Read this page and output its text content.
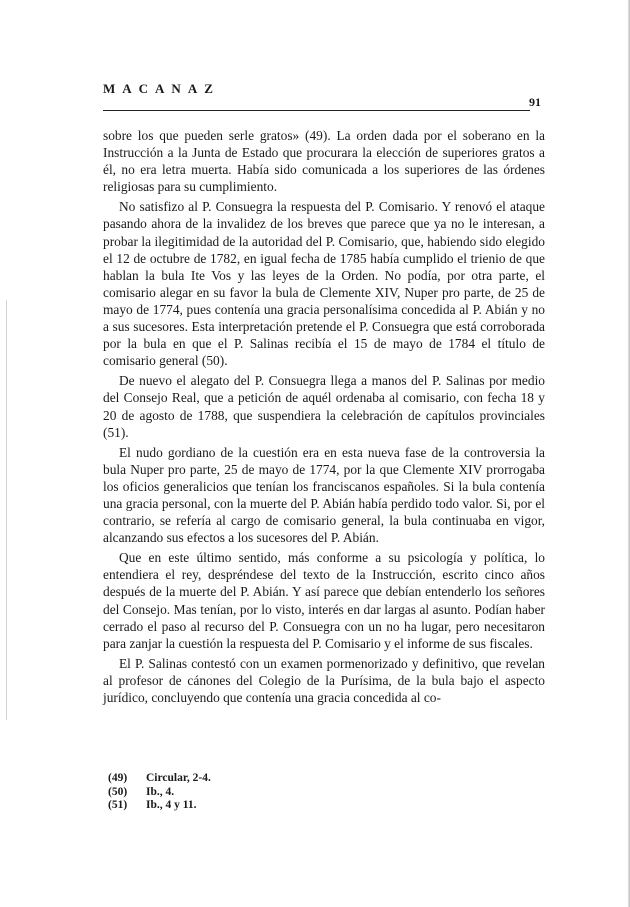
MACANAZ
91

sobre los que pueden serle gratos» (49). La orden dada por el soberano en la Instrucción a la Junta de Estado que procurara la elección de superiores gratos a él, no era letra muerta. Había sido comunicada a los superiores de las órdenes religiosas para su cumplimiento.

No satisfizo al P. Consuegra la respuesta del P. Comisario. Y renovó el ataque pasando ahora de la invalidez de los breves que parece que ya no le interesan, a probar la ilegitimidad de la autoridad del P. Comisario, que, habiendo sido elegido el 12 de octubre de 1782, en igual fecha de 1785 había cumplido el trienio de que hablan la bula Ite Vos y las leyes de la Orden. No podía, por otra parte, el comisario alegar en su favor la bula de Clemente XIV, Nuper pro parte, de 25 de mayo de 1774, pues contenía una gracia personalísima concedida al P. Abián y no a sus sucesores. Esta interpretación pretende el P. Consuegra que está corroborada por la bula en que el P. Salinas recibía el 15 de mayo de 1784 el título de comisario general (50).

De nuevo el alegato del P. Consuegra llega a manos del P. Salinas por medio del Consejo Real, que a petición de aquél ordenaba al comisario, con fecha 18 y 20 de agosto de 1788, que suspendiera la celebración de capítulos provinciales (51).

El nudo gordiano de la cuestión era en esta nueva fase de la controversia la bula Nuper pro parte, 25 de mayo de 1774, por la que Clemente XIV prorrogaba los oficios generalicios que tenían los franciscanos españoles. Si la bula contenía una gracia personal, con la muerte del P. Abián había perdido todo valor. Si, por el contrario, se refería al cargo de comisario general, la bula continuaba en vigor, alcanzando sus efectos a los sucesores del P. Abián.

Que en este último sentido, más conforme a su psicología y política, lo entendiera el rey, despréndese del texto de la Instrucción, escrito cinco años después de la muerte del P. Abián. Y así parece que debían entenderlo los señores del Consejo. Mas tenían, por lo visto, interés en dar largas al asunto. Podían haber cerrado el paso al recurso del P. Consuegra con un no ha lugar, pero necesitaron para zanjar la cuestión la respuesta del P. Comisario y el informe de sus fiscales.

El P. Salinas contestó con un examen pormenorizado y definitivo, que revelan al profesor de cánones del Colegio de la Purísima, de la bula bajo el aspecto jurídico, concluyendo que contenía una gracia concedida al co-

(49)	Circular, 2-4.
(50)	Ib., 4.
(51)	Ib., 4 y 11.
